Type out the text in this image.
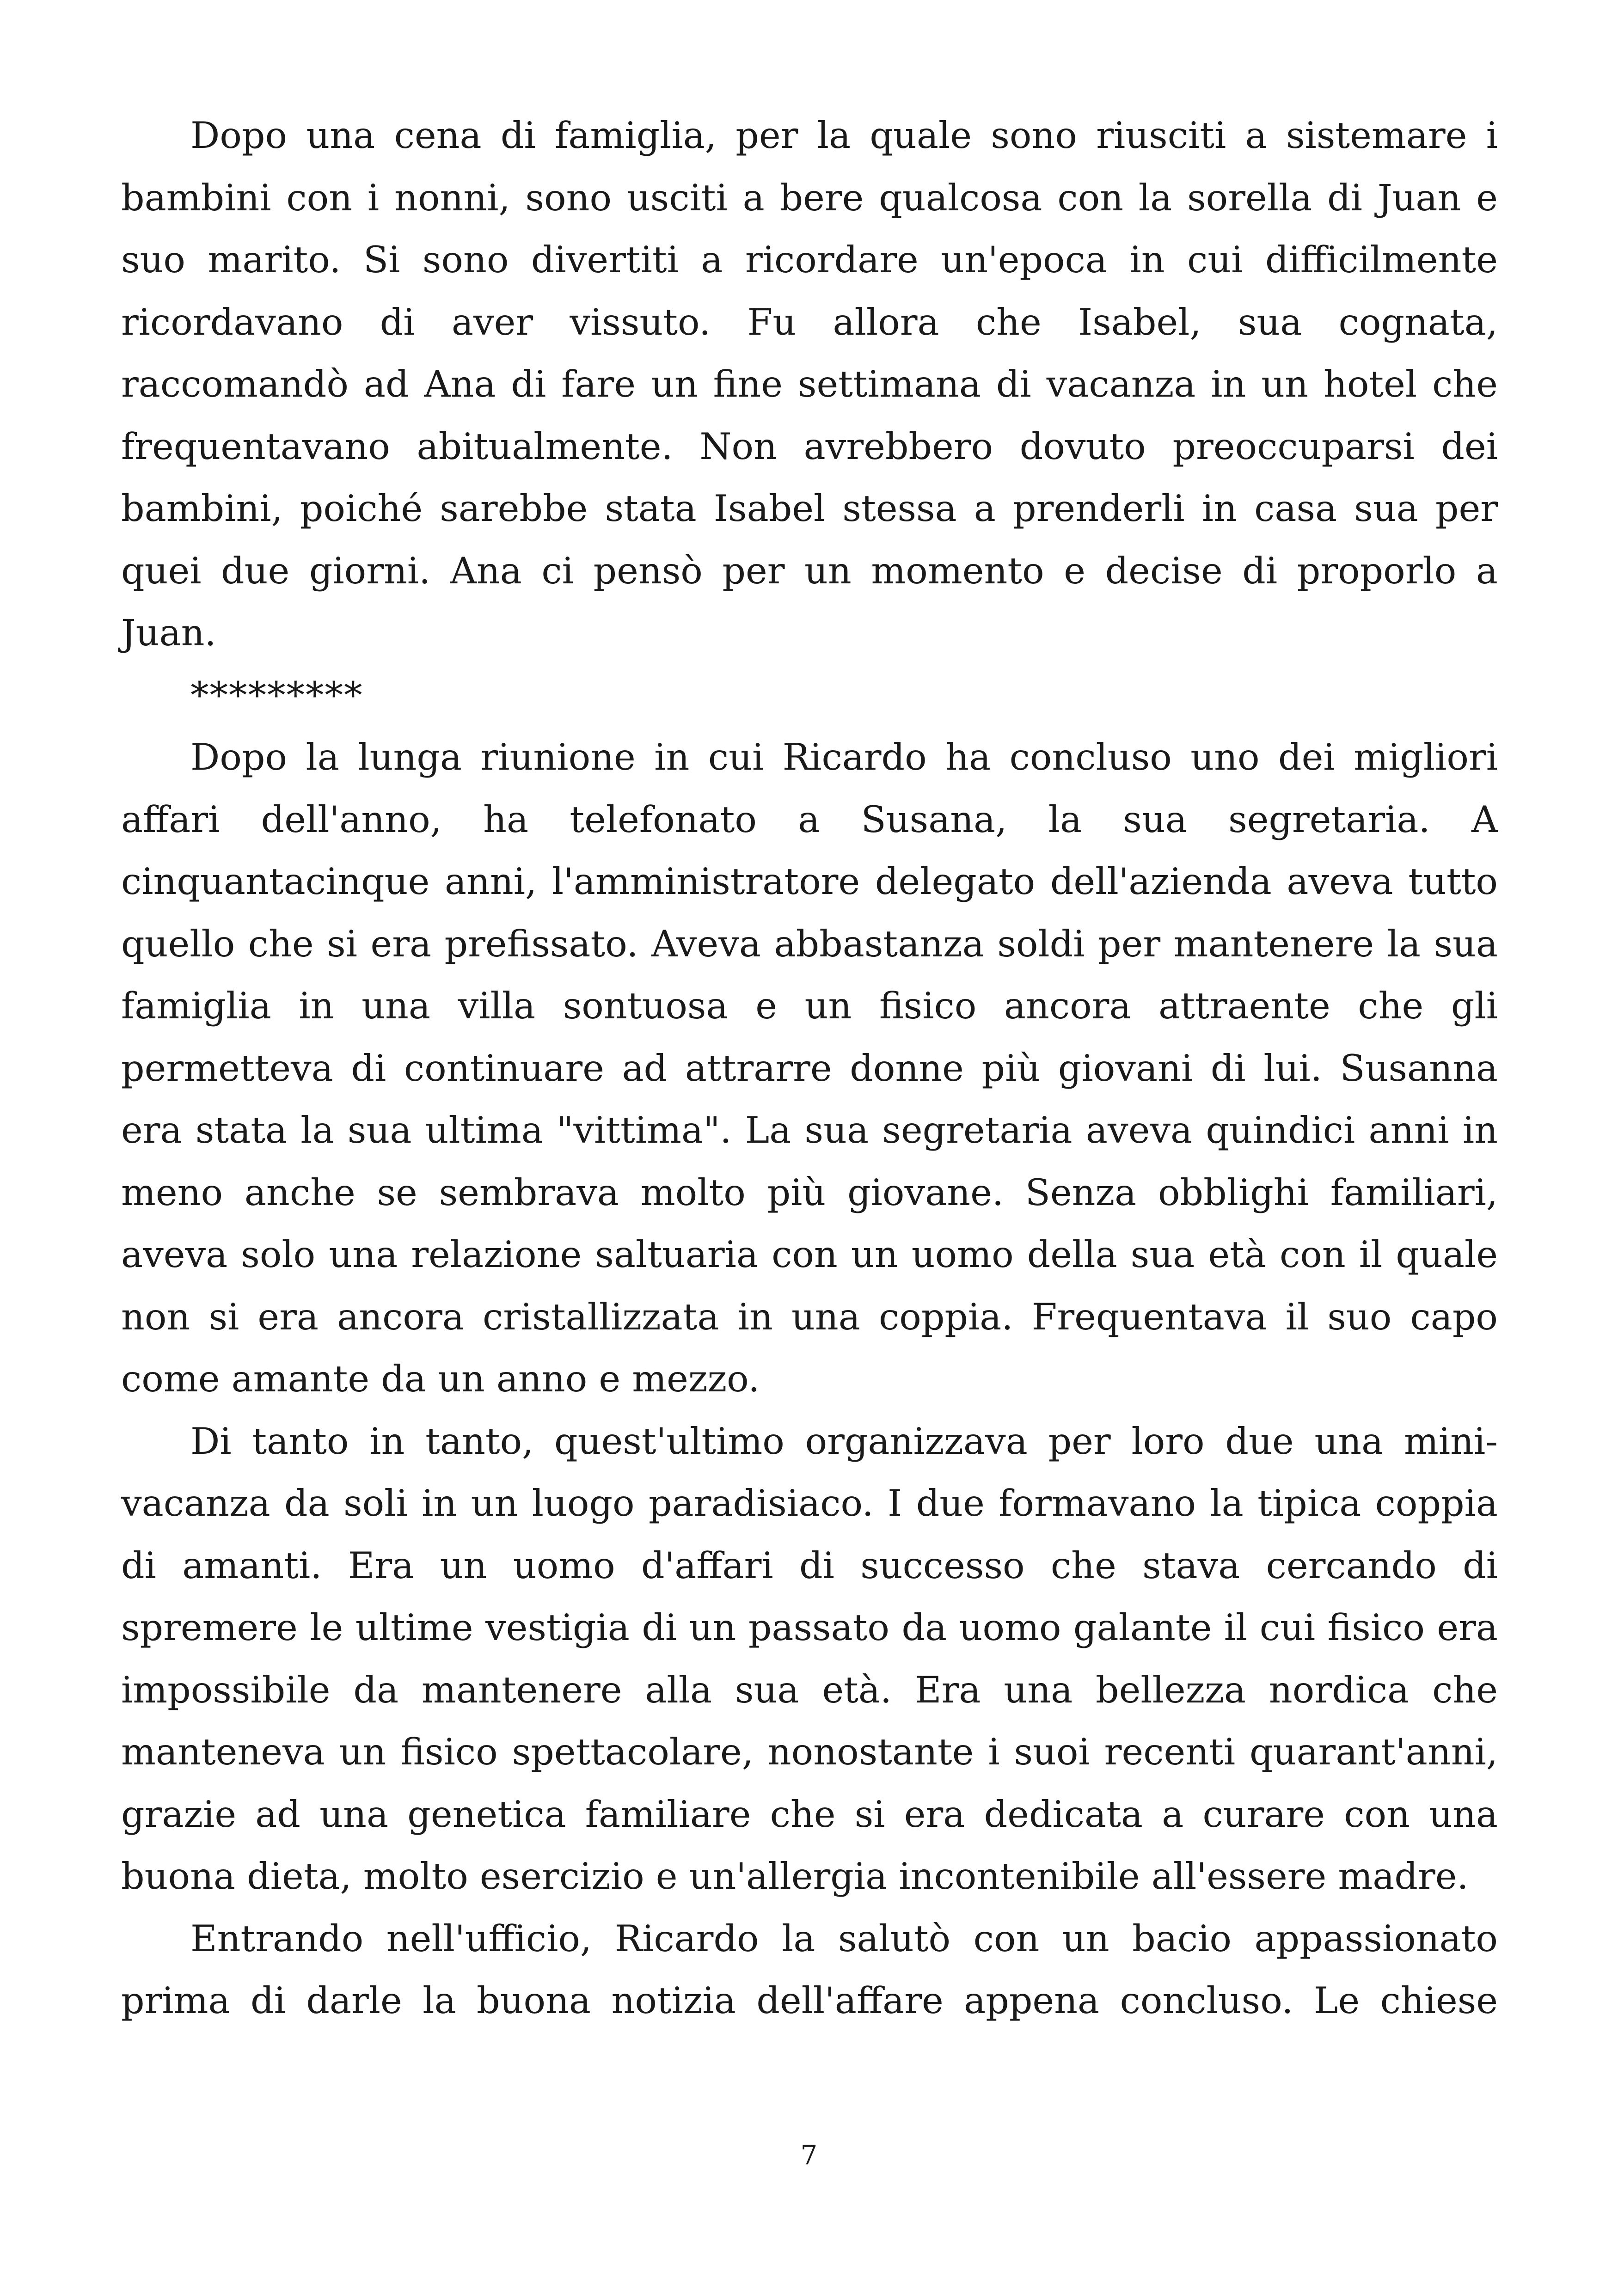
Dopo una cena di famiglia, per la quale sono riusciti a sistemare i bambini con i nonni, sono usciti a bere qualcosa con la sorella di Juan e suo marito. Si sono divertiti a ricordare un'epoca in cui difficilmente ricordavano di aver vissuto. Fu allora che Isabel, sua cognata, raccomandò ad Ana di fare un fine settimana di vacanza in un hotel che frequentavano abitualmente. Non avrebbero dovuto preoccuparsi dei bambini, poiché sarebbe stata Isabel stessa a prenderli in casa sua per quei due giorni. Ana ci pensò per un momento e decise di proporlo a Juan.

*********

Dopo la lunga riunione in cui Ricardo ha concluso uno dei migliori affari dell'anno, ha telefonato a Susana, la sua segretaria. A cinquantacinque anni, l'amministratore delegato dell'azienda aveva tutto quello che si era prefissato. Aveva abbastanza soldi per mantenere la sua famiglia in una villa sontuosa e un fisico ancora attraente che gli permetteva di continuare ad attrarre donne più giovani di lui. Susanna era stata la sua ultima "vittima". La sua segretaria aveva quindici anni in meno anche se sembrava molto più giovane. Senza obblighi familiari, aveva solo una relazione saltuaria con un uomo della sua età con il quale non si era ancora cristallizzata in una coppia. Frequentava il suo capo come amante da un anno e mezzo.

Di tanto in tanto, quest'ultimo organizzava per loro due una mini-vacanza da soli in un luogo paradisiaco. I due formavano la tipica coppia di amanti. Era un uomo d'affari di successo che stava cercando di spremere le ultime vestigia di un passato da uomo galante il cui fisico era impossibile da mantenere alla sua età. Era una bellezza nordica che manteneva un fisico spettacolare, nonostante i suoi recenti quarant'anni, grazie ad una genetica familiare che si era dedicata a curare con una buona dieta, molto esercizio e un'allergia incontenibile all'essere madre.

Entrando nell'ufficio, Ricardo la salutò con un bacio appassionato prima di darle la buona notizia dell'affare appena concluso. Le chiese

7
